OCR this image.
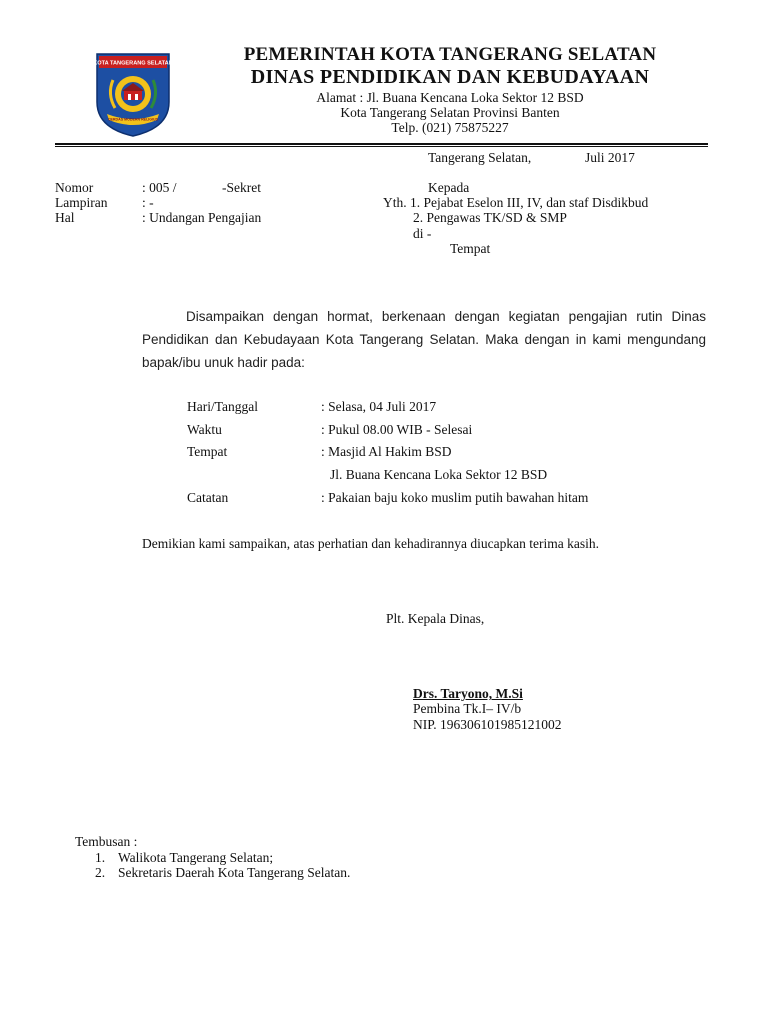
KOTA TANGERANG SELATAN
CERDAS MODERN RELIGIUS
PEMERINTAH KOTA TANGERANG SELATAN
DINAS PENDIDIKAN DAN KEBUDAYAAN
Alamat : Jl. Buana Kencana Loka Sektor 12 BSD
Kota Tangerang Selatan Provinsi Banten
Telp. (021) 75875227
Tangerang Selatan,	Juli 2017
Nomor	: 005 /	-Sekret
Lampiran	: -
Hal	: Undangan Pengajian
Kepada
Yth. 1. Pejabat Eselon III, IV, dan staf Disdikbud
2. Pengawas TK/SD & SMP
di -
Tempat
Disampaikan dengan hormat, berkenaan dengan kegiatan pengajian rutin Dinas Pendidikan dan Kebudayaan Kota Tangerang Selatan. Maka dengan in kami mengundang bapak/ibu unuk hadir pada:
Hari/Tanggal	: Selasa, 04 Juli 2017
Waktu	: Pukul 08.00 WIB - Selesai
Tempat	: Masjid Al Hakim BSD
Jl. Buana Kencana Loka Sektor 12 BSD
Catatan	: Pakaian baju koko muslim putih bawahan hitam
Demikian kami sampaikan, atas perhatian dan kehadirannya diucapkan terima kasih.
Plt. Kepala Dinas,
Drs. Taryono, M.Si
Pembina Tk.I– IV/b
NIP. 196306101985121002
Tembusan :
1. Walikota Tangerang Selatan;
2. Sekretaris Daerah Kota Tangerang Selatan.
